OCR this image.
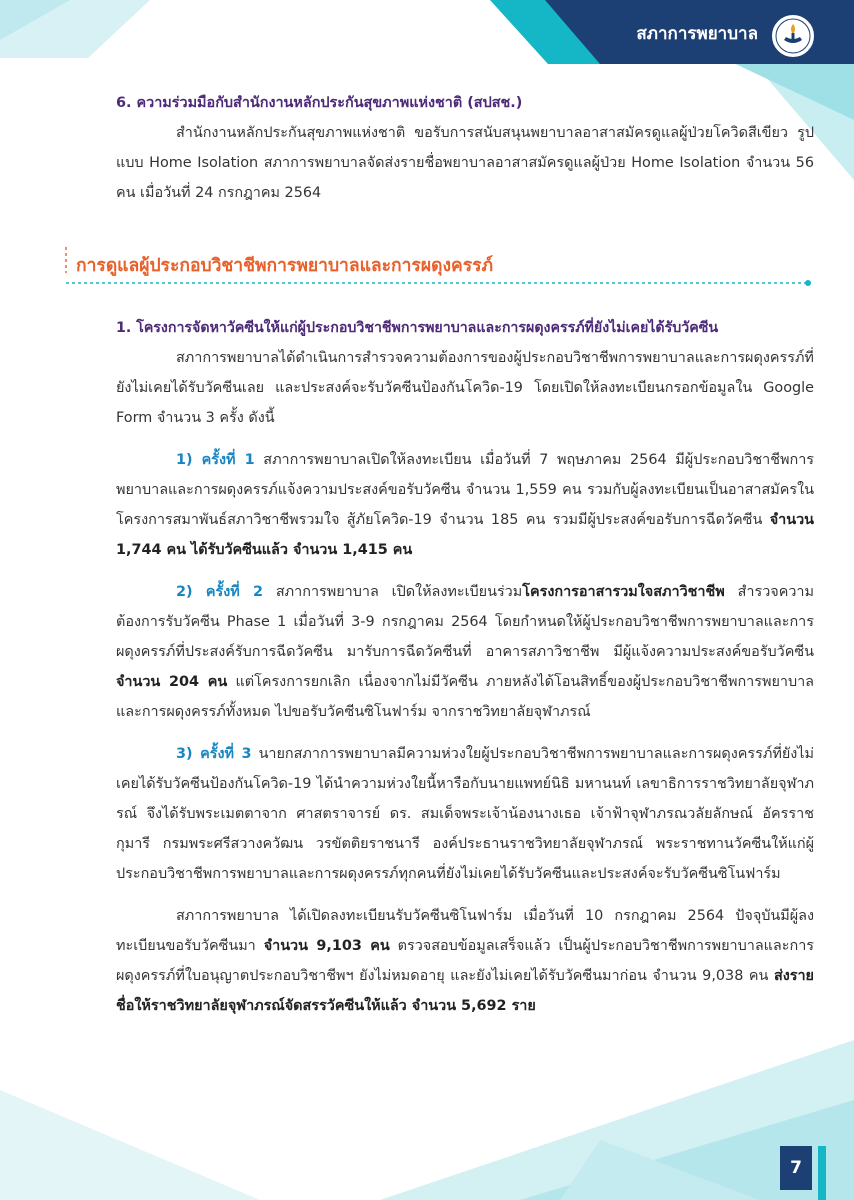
สภาการพยาบาล

6. ความร่วมมือกับสำนักงานหลักประกันสุขภาพแห่งชาติ (สปสช.)

สำนักงานหลักประกันสุขภาพแห่งชาติ ขอรับการสนับสนุนพยาบาลอาสาสมัครดูแลผู้ป่วยโควิดสีเขียว รูปแบบ Home Isolation สภาการพยาบาลจัดส่งรายชื่อพยาบาลอาสาสมัครดูแลผู้ป่วย Home Isolation จำนวน 56 คน เมื่อวันที่ 24 กรกฎาคม 2564

การดูแลผู้ประกอบวิชาชีพการพยาบาลและการผดุงครรภ์

1. โครงการจัดหาวัคซีนให้แก่ผู้ประกอบวิชาชีพการพยาบาลและการผดุงครรภ์ที่ยังไม่เคยได้รับวัคซีน

สภาการพยาบาลได้ดำเนินการสำรวจความต้องการของผู้ประกอบวิชาชีพการพยาบาลและการผดุงครรภ์ที่ยังไม่เคยได้รับวัคซีนเลย และประสงค์จะรับวัคซีนป้องกันโควิด-19 โดยเปิดให้ลงทะเบียนกรอกข้อมูลใน Google Form จำนวน 3 ครั้ง ดังนี้

1) ครั้งที่ 1 สภาการพยาบาลเปิดให้ลงทะเบียน เมื่อวันที่ 7 พฤษภาคม 2564 มีผู้ประกอบวิชาชีพการพยาบาลและการผดุงครรภ์แจ้งความประสงค์ขอรับวัคซีน จำนวน 1,559 คน รวมกับผู้ลงทะเบียนเป็นอาสาสมัครในโครงการสมาพันธ์สภาวิชาชีพรวมใจ สู้ภัยโควิด-19 จำนวน 185 คน รวมมีผู้ประสงค์ขอรับการฉีดวัคซีน จำนวน 1,744 คน ได้รับวัคซีนแล้ว จำนวน 1,415 คน

2) ครั้งที่ 2 สภาการพยาบาล เปิดให้ลงทะเบียนร่วมโครงการอาสารวมใจสภาวิชาชีพ สำรวจความต้องการรับวัคซีน Phase 1 เมื่อวันที่ 3-9 กรกฎาคม 2564 โดยกำหนดให้ผู้ประกอบวิชาชีพการพยาบาลและการผดุงครรภ์ที่ประสงค์รับการฉีดวัคซีน มารับการฉีดวัคซีนที่ อาคารสภาวิชาชีพ มีผู้แจ้งความประสงค์ขอรับวัคซีน จำนวน 204 คน แต่โครงการยกเลิก เนื่องจากไม่มีวัคซีน ภายหลังได้โอนสิทธิ์ของผู้ประกอบวิชาชีพการพยาบาลและการผดุงครรภ์ทั้งหมด ไปขอรับวัคซีนซิโนฟาร์ม จากราชวิทยาลัยจุฬาภรณ์

3) ครั้งที่ 3 นายกสภาการพยาบาลมีความห่วงใยผู้ประกอบวิชาชีพการพยาบาลและการผดุงครรภ์ที่ยังไม่เคยได้รับวัคซีนป้องกันโควิด-19 ได้นำความห่วงใยนี้หารือกับนายแพทย์นิธิ มหานนท์ เลขาธิการราชวิทยาลัยจุฬาภรณ์ จึงได้รับพระเมตตาจาก ศาสตราจารย์ ดร. สมเด็จพระเจ้าน้องนางเธอ เจ้าฟ้าจุฬาภรณวลัยลักษณ์ อัครราชกุมารี กรมพระศรีสวางควัฒน วรขัตติยราชนารี องค์ประธานราชวิทยาลัยจุฬาภรณ์ พระราชทานวัคซีนให้แก่ผู้ประกอบวิชาชีพการพยาบาลและการผดุงครรภ์ทุกคนที่ยังไม่เคยได้รับวัคซีนและประสงค์จะรับวัคซีนซิโนฟาร์ม

สภาการพยาบาล ได้เปิดลงทะเบียนรับวัคซีนซิโนฟาร์ม เมื่อวันที่ 10 กรกฎาคม 2564 ปัจจุบันมีผู้ลงทะเบียนขอรับวัคซีนมา จำนวน 9,103 คน ตรวจสอบข้อมูลเสร็จแล้ว เป็นผู้ประกอบวิชาชีพการพยาบาลและการผดุงครรภ์ที่ใบอนุญาตประกอบวิชาชีพฯ ยังไม่หมดอายุ และยังไม่เคยได้รับวัคซีนมาก่อน จำนวน 9,038 คน ส่งรายชื่อให้ราชวิทยาลัยจุฬาภรณ์จัดสรรวัคซีนให้แล้ว จำนวน 5,692 ราย

7
